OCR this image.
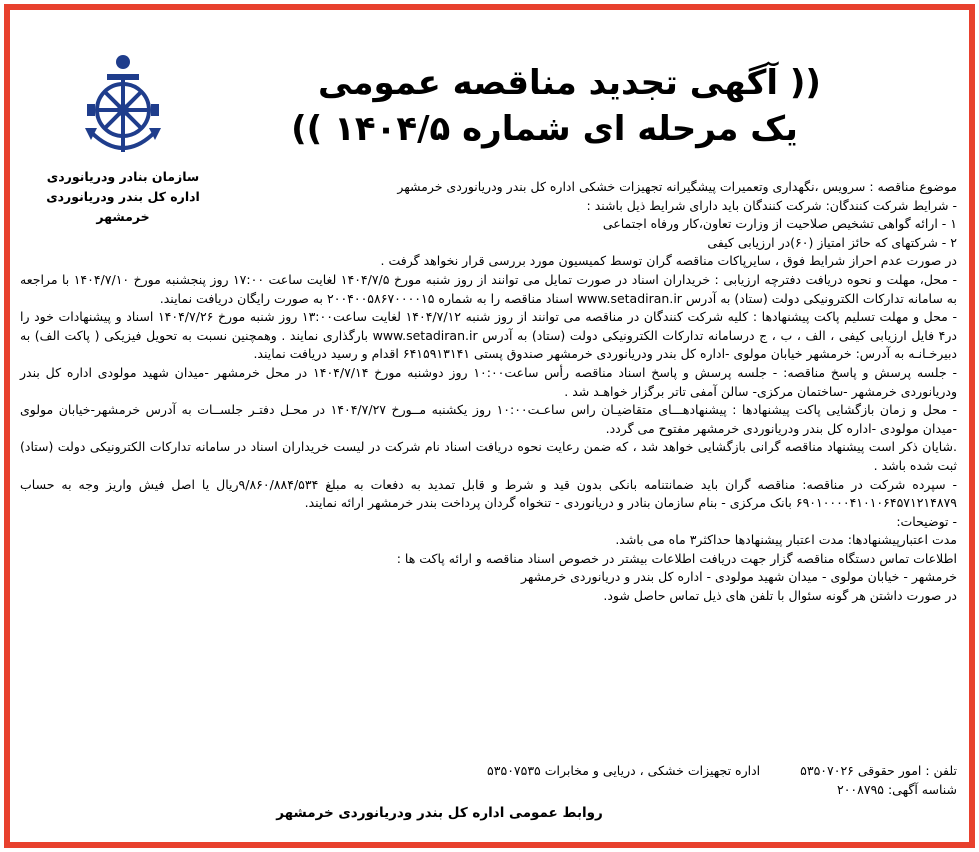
سازمان بنادر ودریانوردی
اداره کل بندر ودریانوردی
خرمشهر
(( آگهی تجدید مناقصه عمومی
یک مرحله ای شماره ۱۴۰۴/۵ ))

موضوع مناقصه : سرویس ،نگهداری وتعمیرات پیشگیرانه تجهیزات خشکی اداره کل بندر ودریانوردی خرمشهر

- شرایط شرکت کنندگان: شرکت کنندگان باید دارای شرایط ذیل باشند :

۱ - ارائه گواهی تشخیص صلاحیت از وزارت تعاون،کار ورفاه اجتماعی

۲ - شرکتهای که حائز امتیاز (۶۰)در ارزیابی کیفی

در صورت عدم احراز شرایط فوق ، سایرپاکات مناقصه گران توسط کمیسیون مورد بررسی قرار نخواهد گرفت .

- محل، مهلت و نحوه دریافت دفترچه ارزیابی : خریداران اسناد در صورت تمایل می توانند از روز شنبه مورخ ۱۴۰۴/۷/۵ لغایت ساعت ۱۷:۰۰ روز پنجشنبه مورخ ۱۴۰۴/۷/۱۰ با مراجعه به سامانه تدارکات الکترونیکی دولت (ستاد) به آدرس www.setadiran.ir اسناد مناقصه را به شماره ۲۰۰۴۰۰۵۸۶۷۰۰۰۰۱۵ به صورت رایگان دریافت نمایند.

- محل و مهلت تسلیم پاکت پیشنهادها : کلیه شرکت کنندگان در مناقصه می توانند از روز شنبه ۱۴۰۴/۷/۱۲ لغایت ساعت۱۳:۰۰ روز شنبه مورخ ۱۴۰۴/۷/۲۶ اسناد و پیشنهادات خود را در۴ فایل ارزیابی کیفی ، الف ، ب ، ج درسامانه تدارکات الکترونیکی دولت (ستاد) به آدرس www.setadiran.ir بارگذاری نمایند . وهمچنین نسبت به تحویل فیزیکی ( پاکت الف) به دبیرخـانـه به آدرس: خرمشهر خیابان مولوی -اداره کل بندر ودریانوردی خرمشهر صندوق پستی ۶۴۱۵۹۱۳۱۴۱ اقدام و رسید دریافت نمایند.

- جلسه پرسش و پاسخ مناقصه: - جلسه پرسش و پاسخ اسناد مناقصه رأس ساعت۱۰:۰۰ روز دوشنبه مورخ ۱۴۰۴/۷/۱۴ در محل خرمشهر -میدان شهید مولودی اداره کل بندر ودریانوردی خرمشهر -ساختمان مرکزی- سالن آمفی تاتر برگزار خواهـد شد .

- محل و زمان بازگشایی پاکت پیشنهادها : پیشنهادهـــای متقاضیـان راس ساعـت۱۰:۰۰ روز یکشنبه مــورخ ۱۴۰۴/۷/۲۷ در محـل دفتـر جلســات به آدرس خرمشهر-خیابان مولوی -میدان مولودی -اداره کل بندر ودریانوردی خرمشهر مفتوح می گردد.

.شایان ذکر است پیشنهاد مناقصه گرانی بازگشایی خواهد شد ، که ضمن رعایت نحوه دریافت اسناد نام شرکت در لیست خریداران اسناد در سامانه تدارکات الکترونیکی دولت (ستاد) ثبت شده باشد .

- سپرده شرکت در مناقصه: مناقصه گران باید ضمانتنامه بانکی بدون قید و شرط و قابل تمدید به دفعات به مبلغ ۹/۸۶۰/۸۸۴/۵۳۴ریال یا اصل فیش واریز وجه به حساب ۶۹۰۱۰۰۰۰۴۱۰۱۰۶۴۵۷۱۲۱۴۸۷۹ بانک مرکزی - بنام سازمان بنادر و دریانوردی - تنخواه گردان پرداخت بندر خرمشهر ارائه نمایند.

- توضیحات:

مدت اعتبارپیشنهادها: مدت اعتبار پیشنهادها حداکثر۳ ماه می باشد.

اطلاعات تماس دستگاه مناقصه گزار جهت دریافت اطلاعات بیشتر در خصوص اسناد مناقصه و ارائه پاکت ها :

خرمشهر - خیابان مولوی - میدان شهید مولودی - اداره کل بندر و دریانوردی خرمشهر

در صورت داشتن هر گونه سئوال با تلفن های ذیل تماس حاصل شود.

تلفن : امور حقوقی ۵۳۵۰۷۰۲۶
اداره تجهیزات خشکی ، دریایی و مخابرات ۵۳۵۰۷۵۳۵
شناسه آگهی: ۲۰۰۸۷۹۵
روابط عمومی اداره کل بندر ودریانوردی خرمشهر
